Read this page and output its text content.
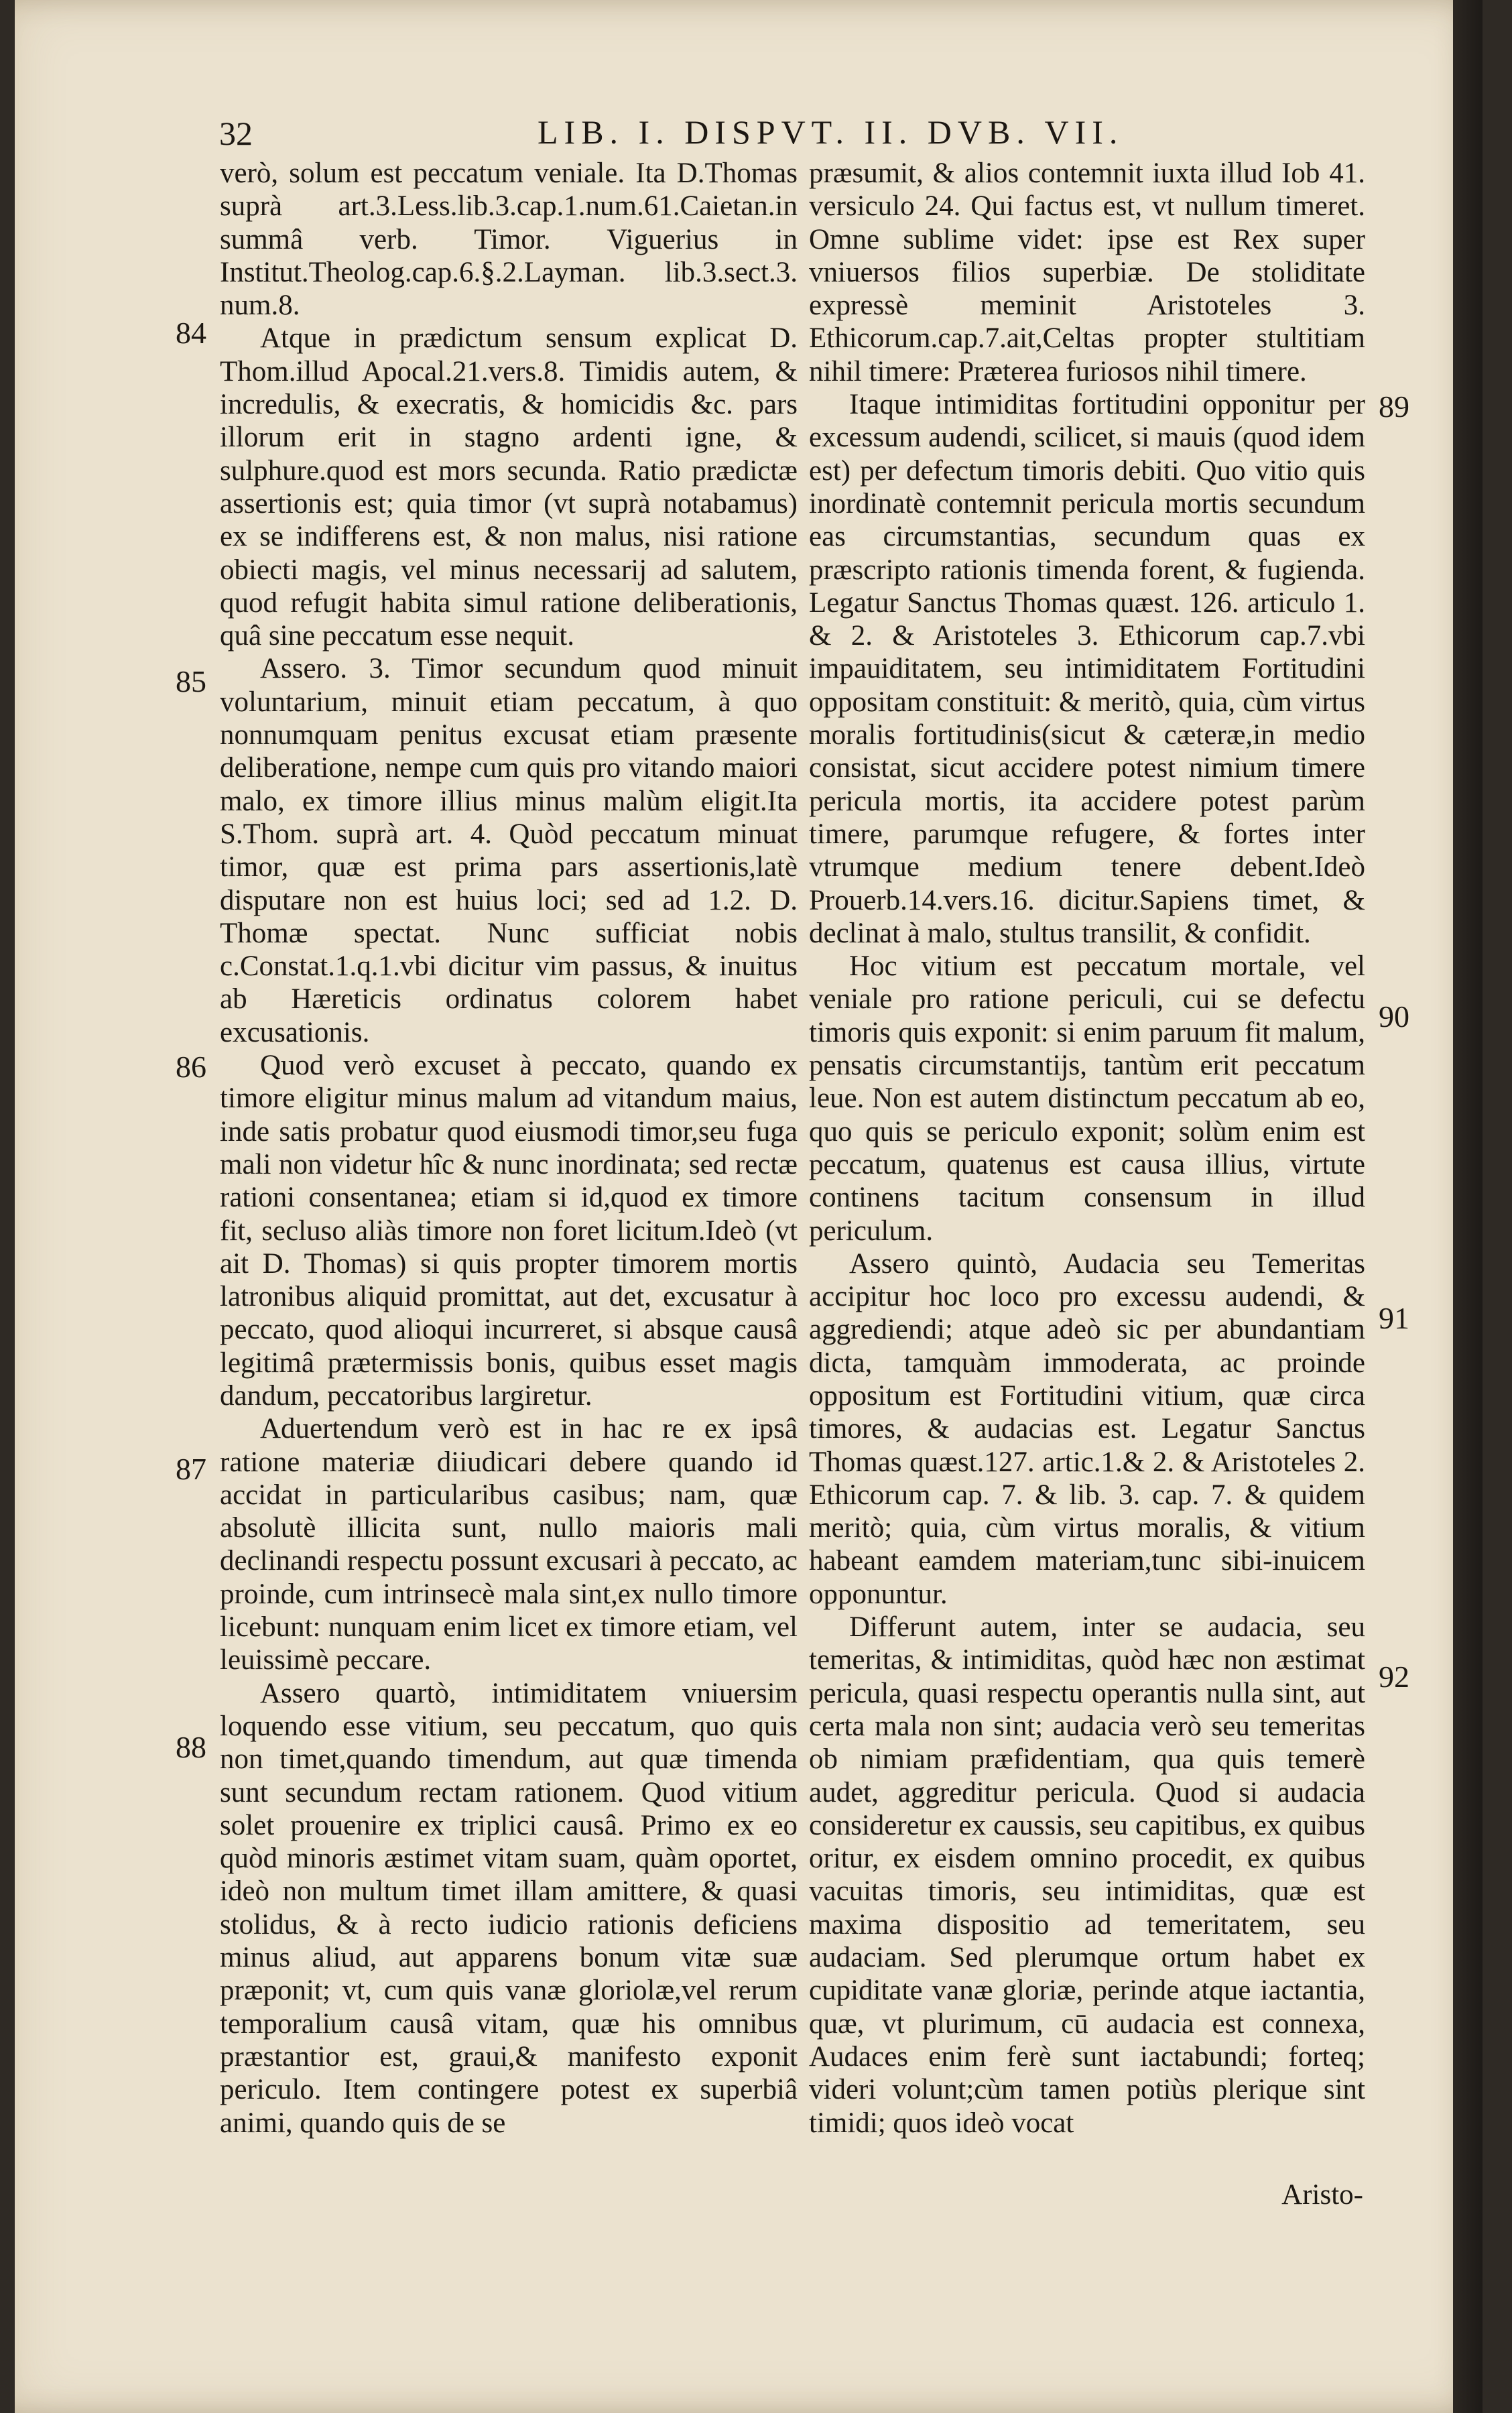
32	LIB. I. DISPVT. II. DVB. VII.

verò, solum est peccatum veniale. Ita D.Thomas suprà art.3.Less.lib.3.cap.1.num.61.Caietan.in summâ verb. Timor. Viguerius in Institut.Theolog.cap.6.§.2.Layman. lib.3.sect.3. num.8.

Atque in prædictum sensum explicat D. Thom.illud Apocal.21.vers.8. Timidis autem, & incredulis, & execratis, & homicidis &c. pars illorum erit in stagno ardenti igne, & sulphure.quod est mors secunda. Ratio prædictæ assertionis est; quia timor (vt suprà notabamus) ex se indifferens est, & non malus, nisi ratione obiecti magis, vel minus necessarij ad salutem, quod refugit habita simul ratione deliberationis, quâ sine peccatum esse nequit.

Assero. 3. Timor secundum quod minuit voluntarium, minuit etiam peccatum, à quo nonnumquam penitus excusat etiam præsente deliberatione, nempe cum quis pro vitando maiori malo, ex timore illius minus malùm eligit.Ita S.Thom. suprà art. 4. Quòd peccatum minuat timor, quæ est prima pars assertionis,latè disputare non est huius loci; sed ad 1.2. D. Thomæ spectat. Nunc sufficiat nobis c.Constat.1.q.1.vbi dicitur vim passus, & inuitus ab Hæreticis ordinatus colorem habet excusationis.

Quod verò excuset à peccato, quando ex timore eligitur minus malum ad vitandum maius, inde satis probatur quod eiusmodi timor,seu fuga mali non videtur hîc & nunc inordinata; sed rectæ rationi consentanea; etiam si id,quod ex timore fit, secluso aliàs timore non foret licitum.Ideò (vt ait D. Thomas) si quis propter timorem mortis latronibus aliquid promittat, aut det, excusatur à peccato, quod alioqui incurreret, si absque causâ legitimâ prætermissis bonis, quibus esset magis dandum, peccatoribus largiretur.

Aduertendum verò est in hac re ex ipsâ ratione materiæ diiudicari debere quando id accidat in particularibus casibus; nam, quæ absolutè illicita sunt, nullo maioris mali declinandi respectu possunt excusari à peccato, ac proinde, cum intrinsecè mala sint,ex nullo timore licebunt: nunquam enim licet ex timore etiam, vel leuissimè peccare.

Assero quartò, intimiditatem vniuersim loquendo esse vitium, seu peccatum, quo quis non timet,quando timendum, aut quæ timenda sunt secundum rectam rationem. Quod vitium solet prouenire ex triplici causâ. Primo ex eo quòd minoris æstimet vitam suam, quàm oportet, ideò non multum timet illam amittere, & quasi stolidus, & à recto iudicio rationis deficiens minus aliud, aut apparens bonum vitæ suæ præponit; vt, cum quis vanæ gloriolæ,vel rerum temporalium causâ vitam, quæ his omnibus præstantior est, graui,& manifesto exponit periculo. Item contingere potest ex superbiâ animi, quando quis de se

præsumit, & alios contemnit iuxta illud Iob 41. versiculo 24. Qui factus est, vt nullum timeret. Omne sublime videt: ipse est Rex super vniuersos filios superbiæ. De stoliditate expressè meminit Aristoteles 3. Ethicorum.cap.7.ait,Celtas propter stultitiam nihil timere: Præterea furiosos nihil timere.

Itaque intimiditas fortitudini opponitur per excessum audendi, scilicet, si mauis (quod idem est) per defectum timoris debiti. Quo vitio quis inordinatè contemnit pericula mortis secundum eas circumstantias, secundum quas ex præscripto rationis timenda forent, & fugienda. Legatur Sanctus Thomas quæst. 126. articulo 1. & 2. & Aristoteles 3. Ethicorum cap.7.vbi impauiditatem, seu intimiditatem Fortitudini oppositam constituit: & meritò, quia, cùm virtus moralis fortitudinis(sicut & cæteræ,in medio consistat, sicut accidere potest nimium timere pericula mortis, ita accidere potest parùm timere, parumque refugere, & fortes inter vtrumque medium tenere debent.Ideò Prouerb.14.vers.16. dicitur.Sapiens timet, & declinat à malo, stultus transilit, & confidit.

Hoc vitium est peccatum mortale, vel veniale pro ratione periculi, cui se defectu timoris quis exponit: si enim paruum fit malum, pensatis circumstantijs, tantùm erit peccatum leue. Non est autem distinctum peccatum ab eo, quo quis se periculo exponit; solùm enim est peccatum, quatenus est causa illius, virtute continens tacitum consensum in illud periculum.

Assero quintò, Audacia seu Temeritas accipitur hoc loco pro excessu audendi, & aggrediendi; atque adeò sic per abundantiam dicta, tamquàm immoderata, ac proinde oppositum est Fortitudini vitium, quæ circa timores, & audacias est. Legatur Sanctus Thomas quæst.127. artic.1.& 2. & Aristoteles 2. Ethicorum cap. 7. & lib. 3. cap. 7. & quidem meritò; quia, cùm virtus moralis, & vitium habeant eamdem materiam,tunc sibi-inuicem opponuntur.

Differunt autem, inter se audacia, seu temeritas, & intimiditas, quòd hæc non æstimat pericula, quasi respectu operantis nulla sint, aut certa mala non sint; audacia verò seu temeritas ob nimiam præfidentiam, qua quis temerè audet, aggreditur pericula. Quod si audacia consideretur ex caussis, seu capitibus, ex quibus oritur, ex eisdem omnino procedit, ex quibus vacuitas timoris, seu intimiditas, quæ est maxima dispositio ad temeritatem, seu audaciam. Sed plerumque ortum habet ex cupiditate vanæ gloriæ, perinde atque iactantia, quæ, vt plurimum, cū audacia est connexa, Audaces enim ferè sunt iactabundi; forteq; videri volunt;cùm tamen potiùs plerique sint timidi; quos ideò vocat

84
85
86
87
88
89
90
91
92
Aristo-
